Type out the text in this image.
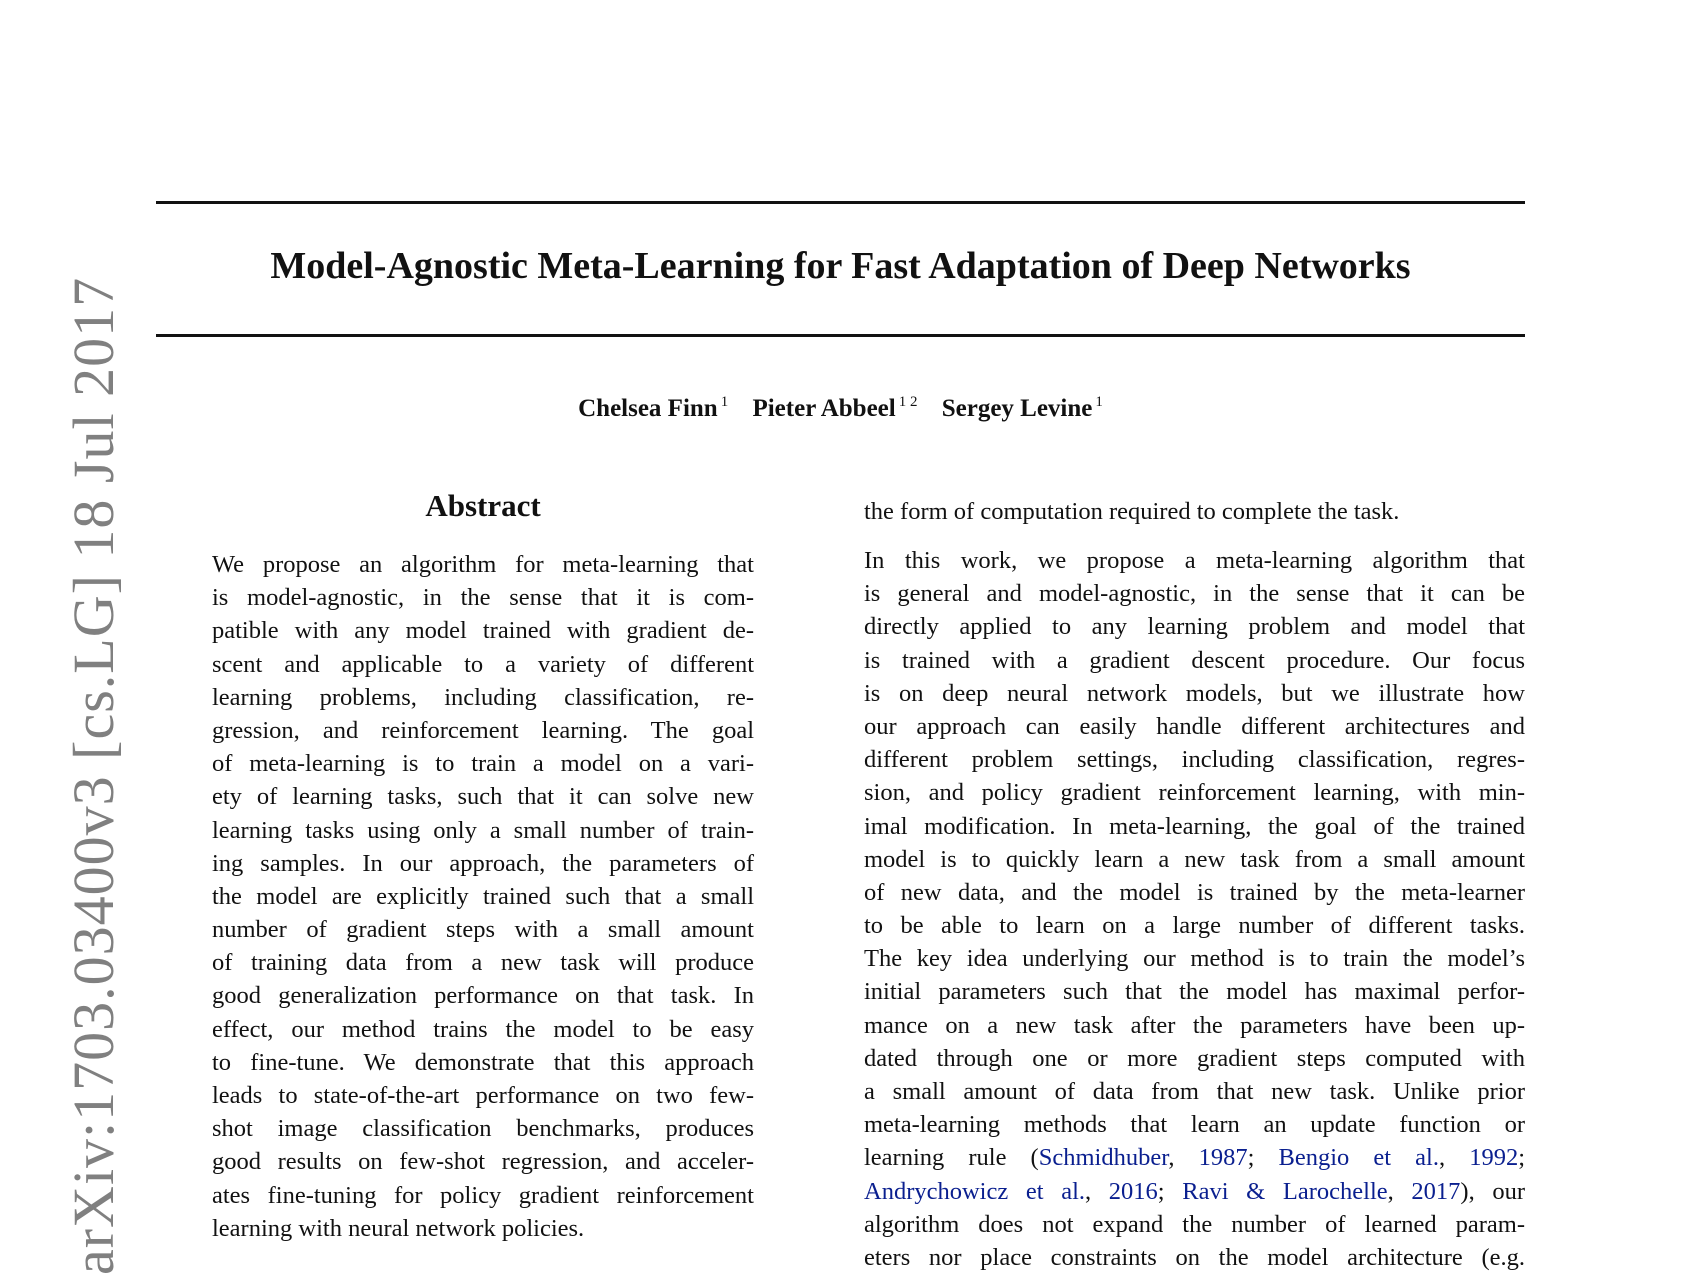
Model-Agnostic Meta-Learning for Fast Adaptation of Deep Networks
Chelsea Finn $^1$ Pieter Abbeel $^{1 2}$ Sergey Levine $^1$
arXiv:1703.03400v3 [cs.LG] 18 Jul 2017	Abstract
We propose an algorithm for meta-learning that
is model-agnostic, in the sense that it is com-
patible with any model trained with gradient de-
scent and applicable to a variety of different
learning problems, including classification, re-
gression, and reinforcement learning. The goal
of meta-learning is to train a model on a vari-
ety of learning tasks, such that it can solve new
learning tasks using only a small number of train-
ing samples. In our approach, the parameters of
the model are explicitly trained such that a small
number of gradient steps with a small amount
of training data from a new task will produce
good generalization performance on that task. In
effect, our method trains the model to be easy
to fine-tune. We demonstrate that this approach
leads to state-of-the-art performance on two few-
shot image classification benchmarks, produces
good results on few-shot regression, and acceler-
ates fine-tuning for policy gradient reinforcement
learning with neural network policies.
the form of computation required to complete the task.
In this work, we propose a meta-learning algorithm that
is general and model-agnostic, in the sense that it can be
directly applied to any learning problem and model that
is trained with a gradient descent procedure. Our focus
is on deep neural network models, but we illustrate how
our approach can easily handle different architectures and
different problem settings, including classification, regres-
sion, and policy gradient reinforcement learning, with min-
imal modification. In meta-learning, the goal of the trained
model is to quickly learn a new task from a small amount
of new data, and the model is trained by the meta-learner
to be able to learn on a large number of different tasks.
The key idea underlying our method is to train the model’s
initial parameters such that the model has maximal perfor-
mance on a new task after the parameters have been up-
dated through one or more gradient steps computed with
a small amount of data from that new task. Unlike prior
meta-learning methods that learn an update function or
learning rule (Schmidhuber, 1987; Bengio et al., 1992;
Andrychowicz et al., 2016; Ravi & Larochelle, 2017), our
algorithm does not expand the number of learned param-
eters nor place constraints on the model architecture (e.g.
